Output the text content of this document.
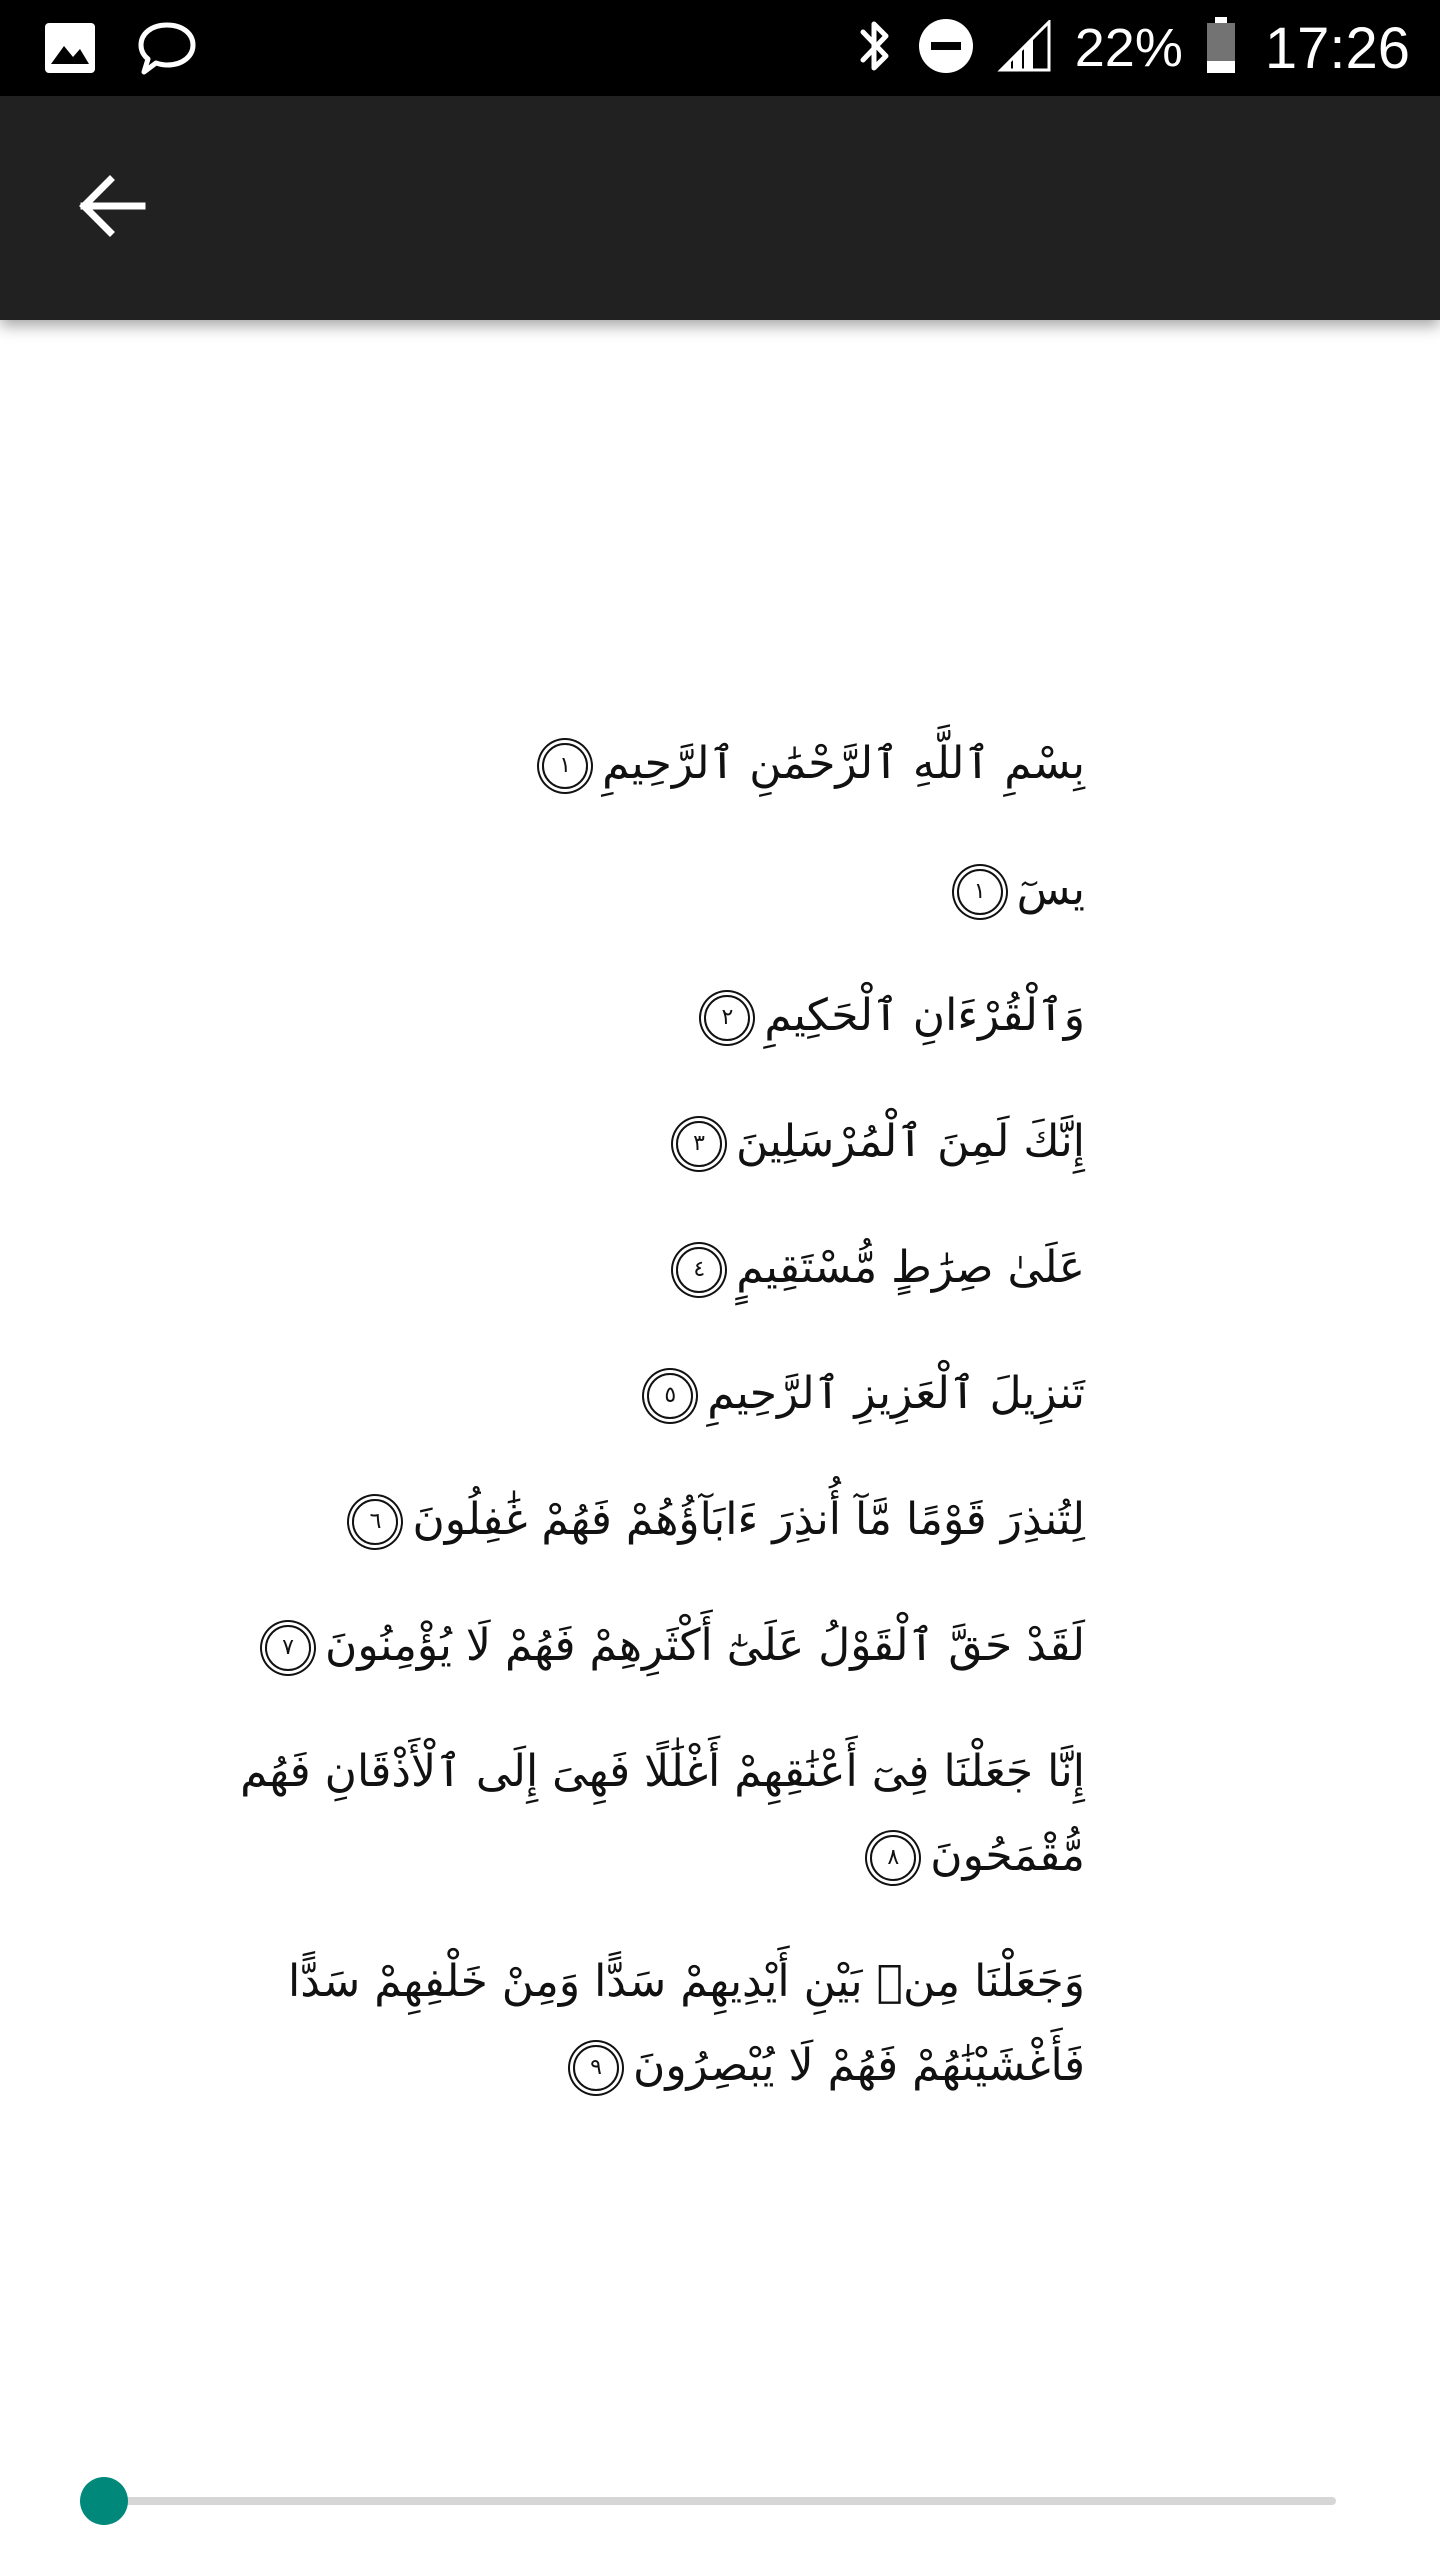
22% 17:26

بِسْمِ ٱللَّهِ ٱلرَّحْمَٰنِ ٱلرَّحِيمِ١

يسٓ١

وَٱلْقُرْءَانِ ٱلْحَكِيمِ٢

إِنَّكَ لَمِنَ ٱلْمُرْسَلِينَ٣

عَلَىٰ صِرَٰطٍ مُّسْتَقِيمٍ٤

تَنزِيلَ ٱلْعَزِيزِ ٱلرَّحِيمِ٥

لِتُنذِرَ قَوْمًا مَّآ أُنذِرَ ءَابَآؤُهُمْ فَهُمْ غَٰفِلُونَ٦

لَقَدْ حَقَّ ٱلْقَوْلُ عَلَىٰٓ أَكْثَرِهِمْ فَهُمْ لَا يُؤْمِنُونَ٧

إِنَّا جَعَلْنَا فِىٓ أَعْنَٰقِهِمْ أَغْلَٰلًا فَهِىَ إِلَى ٱلْأَذْقَانِ فَهُم مُّقْمَحُونَ٨

وَجَعَلْنَا مِنۢ بَيْنِ أَيْدِيهِمْ سَدًّا وَمِنْ خَلْفِهِمْ سَدًّا فَأَغْشَيْنَٰهُمْ فَهُمْ لَا يُبْصِرُونَ٩
